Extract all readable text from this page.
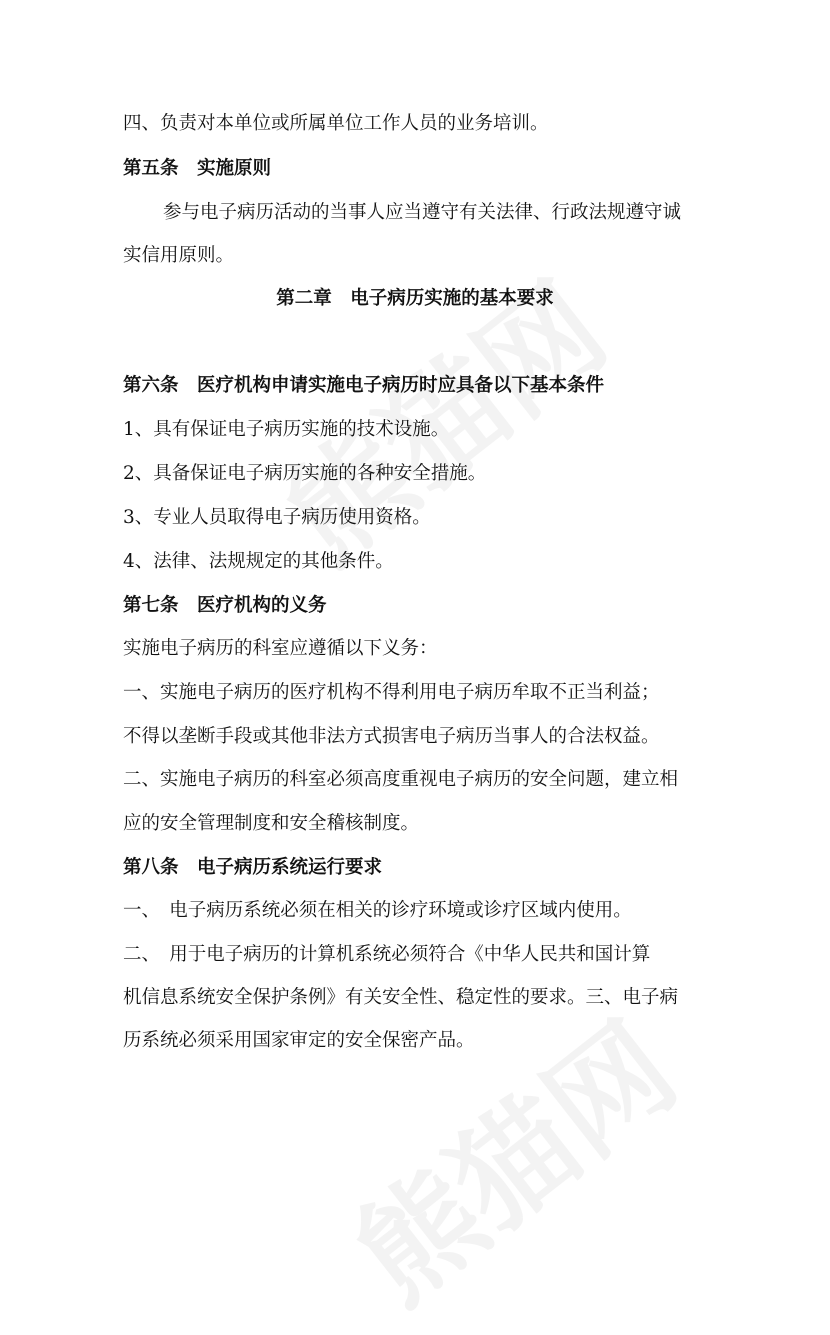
四、负责对本单位或所属单位工作人员的业务培训。
第五条　实施原则
参与电子病历活动的当事人应当遵守有关法律、行政法规遵守诚
实信用原则。
第二章　电子病历实施的基本要求
第六条　医疗机构申请实施电子病历时应具备以下基本条件
1、具有保证电子病历实施的技术设施。
2、具备保证电子病历实施的各种安全措施。
3、专业人员取得电子病历使用资格。
4、法律、法规规定的其他条件。
第七条　医疗机构的义务
实施电子病历的科室应遵循以下义务：
一、实施电子病历的医疗机构不得利用电子病历牟取不正当利益；
不得以垄断手段或其他非法方式损害电子病历当事人的合法权益。
二、实施电子病历的科室必须高度重视电子病历的安全问题，建立相
应的安全管理制度和安全稽核制度。
第八条　电子病历系统运行要求
一、　电子病历系统必须在相关的诊疗环境或诊疗区域内使用。
二、　用于电子病历的计算机系统必须符合《中华人民共和国计算
机信息系统安全保护条例》有关安全性、稳定性的要求。三、电子病
历系统必须采用国家审定的安全保密产品。
